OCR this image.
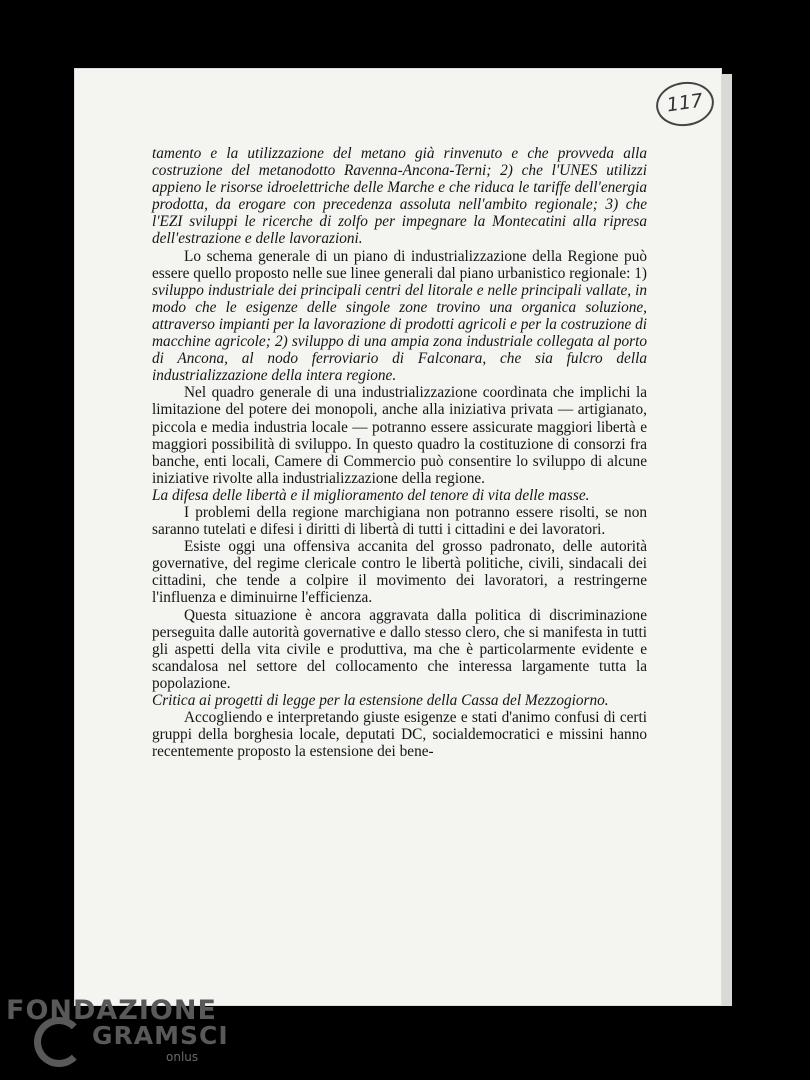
117

tamento e la utilizzazione del metano già rinvenuto e che provveda alla costruzione del metanodotto Ravenna-Ancona-Terni; 2) che l'UNES utilizzi appieno le risorse idroelettriche delle Marche e che riduca le tariffe dell'energia prodotta, da erogare con precedenza assoluta nell'ambito regionale; 3) che l'EZI sviluppi le ricerche di zolfo per impegnare la Montecatini alla ripresa dell'estrazione e delle lavorazioni.

Lo schema generale di un piano di industrializzazione della Regione può essere quello proposto nelle sue linee generali dal piano urbanistico regionale: 1) sviluppo industriale dei principali centri del litorale e nelle principali vallate, in modo che le esigenze delle singole zone trovino una organica soluzione, attraverso impianti per la lavorazione di prodotti agricoli e per la costruzione di macchine agricole; 2) sviluppo di una ampia zona industriale collegata al porto di Ancona, al nodo ferroviario di Falconara, che sia fulcro della industrializzazione della intera regione.

Nel quadro generale di una industrializzazione coordinata che implichi la limitazione del potere dei monopoli, anche alla iniziativa privata — artigianato, piccola e media industria locale — potranno essere assicurate maggiori libertà e maggiori possibilità di sviluppo. In questo quadro la costituzione di consorzi fra banche, enti locali, Camere di Commercio può consentire lo sviluppo di alcune iniziative rivolte alla industrializzazione della regione.

La difesa delle libertà e il miglioramento del tenore di vita delle masse.

I problemi della regione marchigiana non potranno essere risolti, se non saranno tutelati e difesi i diritti di libertà di tutti i cittadini e dei lavoratori.

Esiste oggi una offensiva accanita del grosso padronato, delle autorità governative, del regime clericale contro le libertà politiche, civili, sindacali dei cittadini, che tende a colpire il movimento dei lavoratori, a restringerne l'influenza e diminuirne l'efficienza.

Questa situazione è ancora aggravata dalla politica di discriminazione perseguita dalle autorità governative e dallo stesso clero, che si manifesta in tutti gli aspetti della vita civile e produttiva, ma che è particolarmente evidente e scandalosa nel settore del collocamento che interessa largamente tutta la popolazione.

Critica ai progetti di legge per la estensione della Cassa del Mezzogiorno.

Accogliendo e interpretando giuste esigenze e stati d'animo confusi di certi gruppi della borghesia locale, deputati DC, socialdemocratici e missini hanno recentemente proposto la estensione dei bene-

FONDAZIONE
GRAMSCI
onlus
